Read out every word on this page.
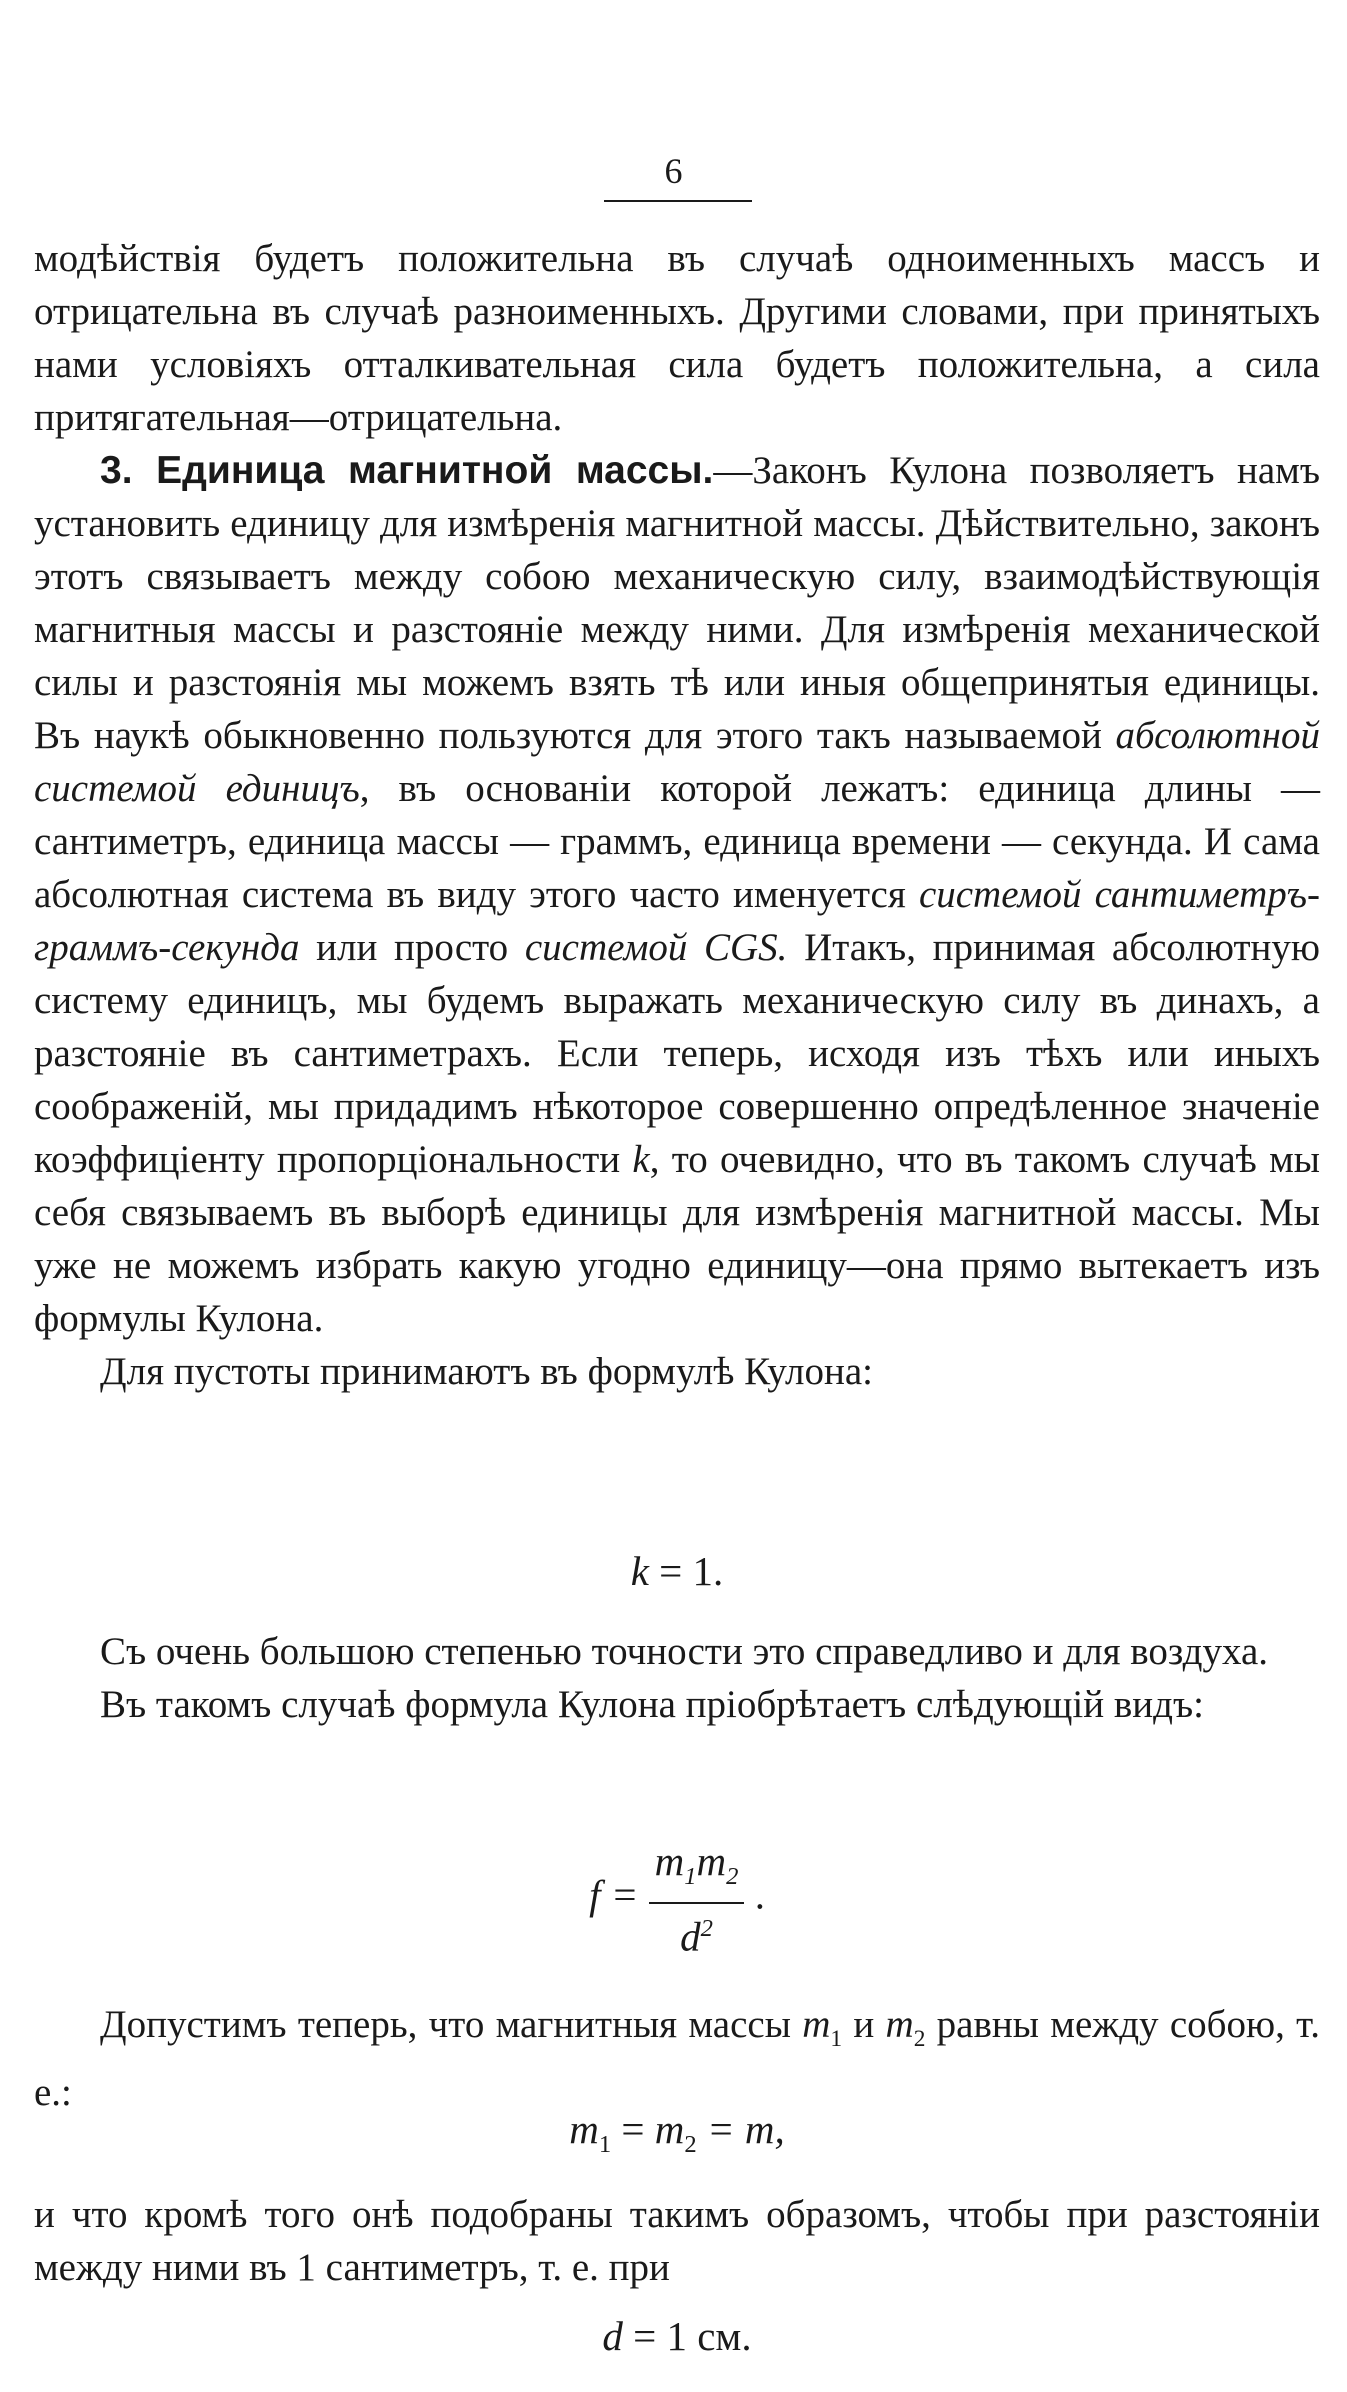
6

модѣйствія будетъ положительна въ случаѣ одноименныхъ массъ и отрицательна въ случаѣ разноименныхъ. Другими словами, при принятыхъ нами условіяхъ отталкивательная сила будетъ положительна, а сила притягательная—отрицательна.

3. Единица магнитной массы.—Законъ Кулона позволяетъ намъ установить единицу для измѣренія магнитной массы. Дѣйствительно, законъ этотъ связываетъ между собою механическую силу, взаимодѣйствующія магнитныя массы и разстояніе между ними. Для измѣренія механической силы и разстоянія мы можемъ взять тѣ или иныя общепринятыя единицы. Въ наукѣ обыкновенно пользуются для этого такъ называемой абсолютной системой единицъ, въ основаніи которой лежатъ: единица длины — сантиметръ, единица массы — граммъ, единица времени — секунда. И сама абсолютная система въ виду этого часто именуется системой сантиметръ-граммъ-секунда или просто системой CGS. Итакъ, принимая абсолютную систему единицъ, мы будемъ выражать механическую силу въ динахъ, а разстояніе въ сантиметрахъ. Если теперь, исходя изъ тѣхъ или иныхъ соображеній, мы придадимъ нѣкоторое совершенно опредѣленное значеніе коэффиціенту пропорціональности k, то очевидно, что въ такомъ случаѣ мы себя связываемъ въ выборѣ единицы для измѣренія магнитной массы. Мы уже не можемъ избрать какую угодно единицу—она прямо вытекаетъ изъ формулы Кулона.

Для пустоты принимаютъ въ формулѣ Кулона:

k = 1.

Съ очень большою степенью точности это справедливо и для воздуха.

Въ такомъ случаѣ формула Кулона пріобрѣтаетъ слѣдующій видъ:

$f = \frac{m_1m_2}{d^2}$ .

Допустимъ теперь, что магнитныя массы $m_1$ и $m_2$ равны между собою, т. е.:

$m_1 = m_2 = m$,

и что кромѣ того онѣ подобраны такимъ образомъ, чтобы при разстояніи между ними въ 1 сантиметръ, т. е. при

d = 1 см.
